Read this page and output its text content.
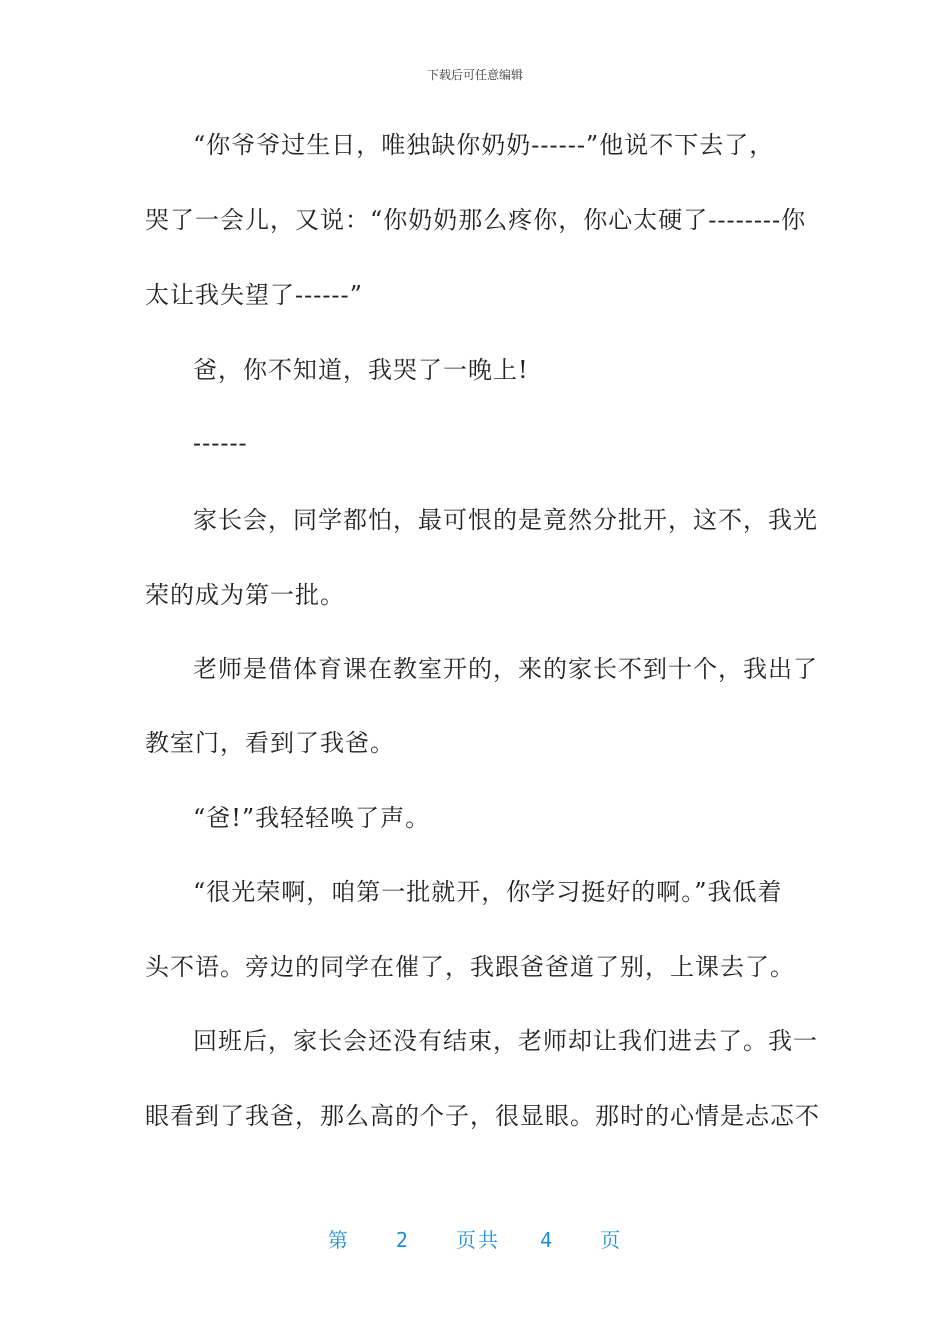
下载后可任意编辑
“你爷爷过生日，唯独缺你奶奶------”他说不下去了，
哭了一会儿，又说：“你奶奶那么疼你，你心太硬了--------你
太让我失望了------”
爸，你不知道，我哭了一晚上!
------
家长会，同学都怕，最可恨的是竟然分批开，这不，我光
荣的成为第一批。
老师是借体育课在教室开的，来的家长不到十个，我出了
教室门，看到了我爸。
“爸!”我轻轻唤了声。
“很光荣啊，咱第一批就开，你学习挺好的啊。”我低着
头不语。旁边的同学在催了，我跟爸爸道了别，上课去了。
回班后，家长会还没有结束，老师却让我们进去了。我一
眼看到了我爸，那么高的个子，很显眼。那时的心情是忐忑不
第 2 页共 4 页
